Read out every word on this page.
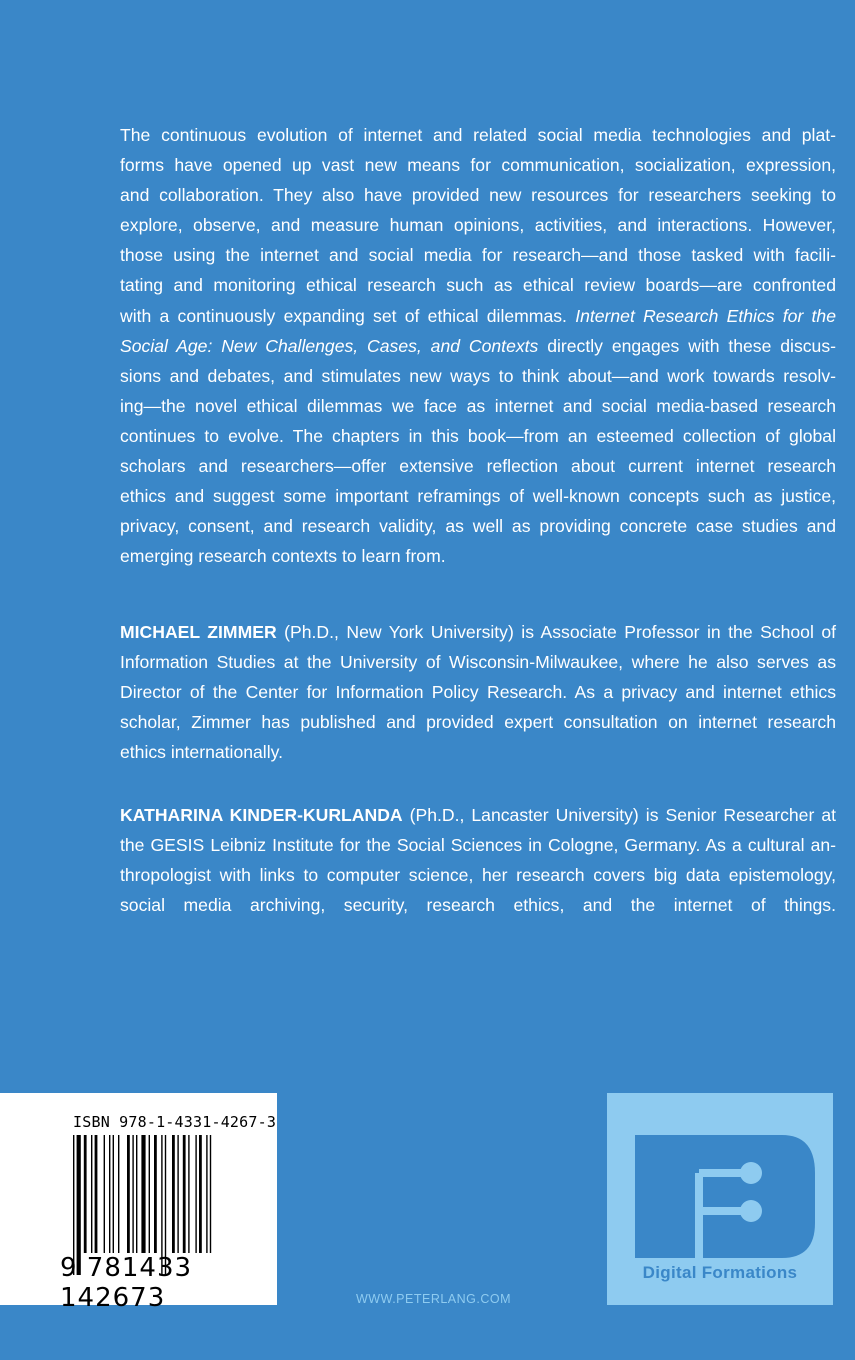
The continuous evolution of internet and related social media technologies and plat-
forms have opened up vast new means for communication, socialization, expression,
and collaboration. They also have provided new resources for researchers seeking to
explore, observe, and measure human opinions, activities, and interactions. However,
those using the internet and social media for research—and those tasked with facili-
tating and monitoring ethical research such as ethical review boards—are confronted
with a continuously expanding set of ethical dilemmas. Internet Research Ethics for the
Social Age: New Challenges, Cases, and Contexts directly engages with these discus-
sions and debates, and stimulates new ways to think about—and work towards resolv-
ing—the novel ethical dilemmas we face as internet and social media-based research
continues to evolve. The chapters in this book—from an esteemed collection of global
scholars and researchers—offer extensive reflection about current internet research
ethics and suggest some important reframings of well-known concepts such as justice,
privacy, consent, and research validity, as well as providing concrete case studies and
emerging research contexts to learn from.
MICHAEL ZIMMER (Ph.D., New York University) is Associate Professor in the School of
Information Studies at the University of Wisconsin-Milwaukee, where he also serves as
Director of the Center for Information Policy Research. As a privacy and internet ethics
scholar, Zimmer has published and provided expert consultation on internet research
ethics internationally.
KATHARINA KINDER-KURLANDA (Ph.D., Lancaster University) is Senior Researcher at
the GESIS Leibniz Institute for the Social Sciences in Cologne, Germany. As a cultural an-
thropologist with links to computer science, her research covers big data epistemology,
social media archiving, security, research ethics, and the internet of things.
ISBN 978-1-4331-4267-3
9 781433 142673
Digital Formations
WWW.PETERLANG.COM
